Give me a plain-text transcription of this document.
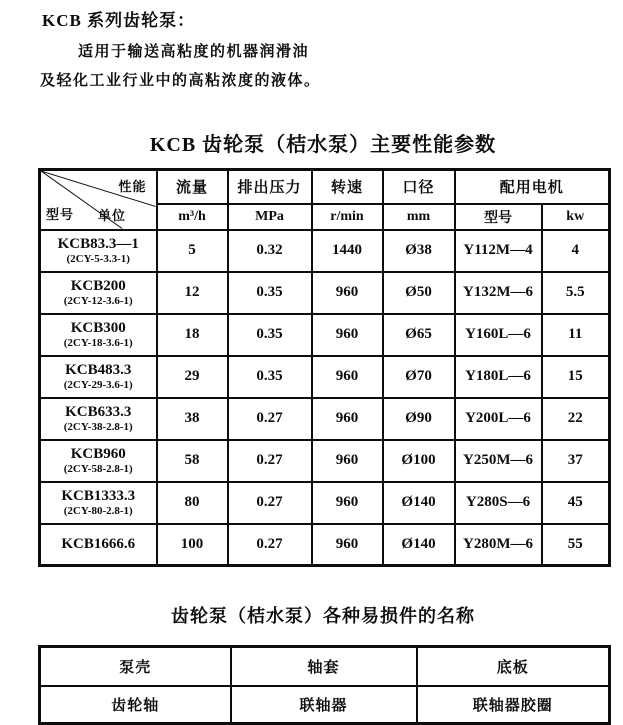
KCB 系列齿轮泵：
适用于输送高粘度的机器润滑油
及轻化工业行业中的高粘浓度的液体。
KCB 齿轮泵（桔水泵）主要性能参数
性能
单位
型号	流量	排出压力	转速	口径	配用电机	
	m³/h	MPa	r/min	mm	型号	kw

KCB83.3—1
(2CY-5-3.3-1)	5	0.32	1440	Ø38	Y112M—4	4

KCB200
(2CY-12-3.6-1)	12	0.35	960	Ø50	Y132M—6	5.5

KCB300
(2CY-18-3.6-1)	18	0.35	960	Ø65	Y160L—6	11

KCB483.3
(2CY-29-3.6-1)	29	0.35	960	Ø70	Y180L—6	15

KCB633.3
(2CY-38-2.8-1)	38	0.27	960	Ø90	Y200L—6	22

KCB960
(2CY-58-2.8-1)	58	0.27	960	Ø100	Y250M—6	37

KCB1333.3
(2CY-80-2.8-1)	80	0.27	960	Ø140	Y280S—6	45

KCB1666.6	100	0.27	960	Ø140	Y280M—6	55
齿轮泵（桔水泵）各种易损件的名称
泵壳	轴套	底板
齿轮轴	联轴器	联轴器胶圈
